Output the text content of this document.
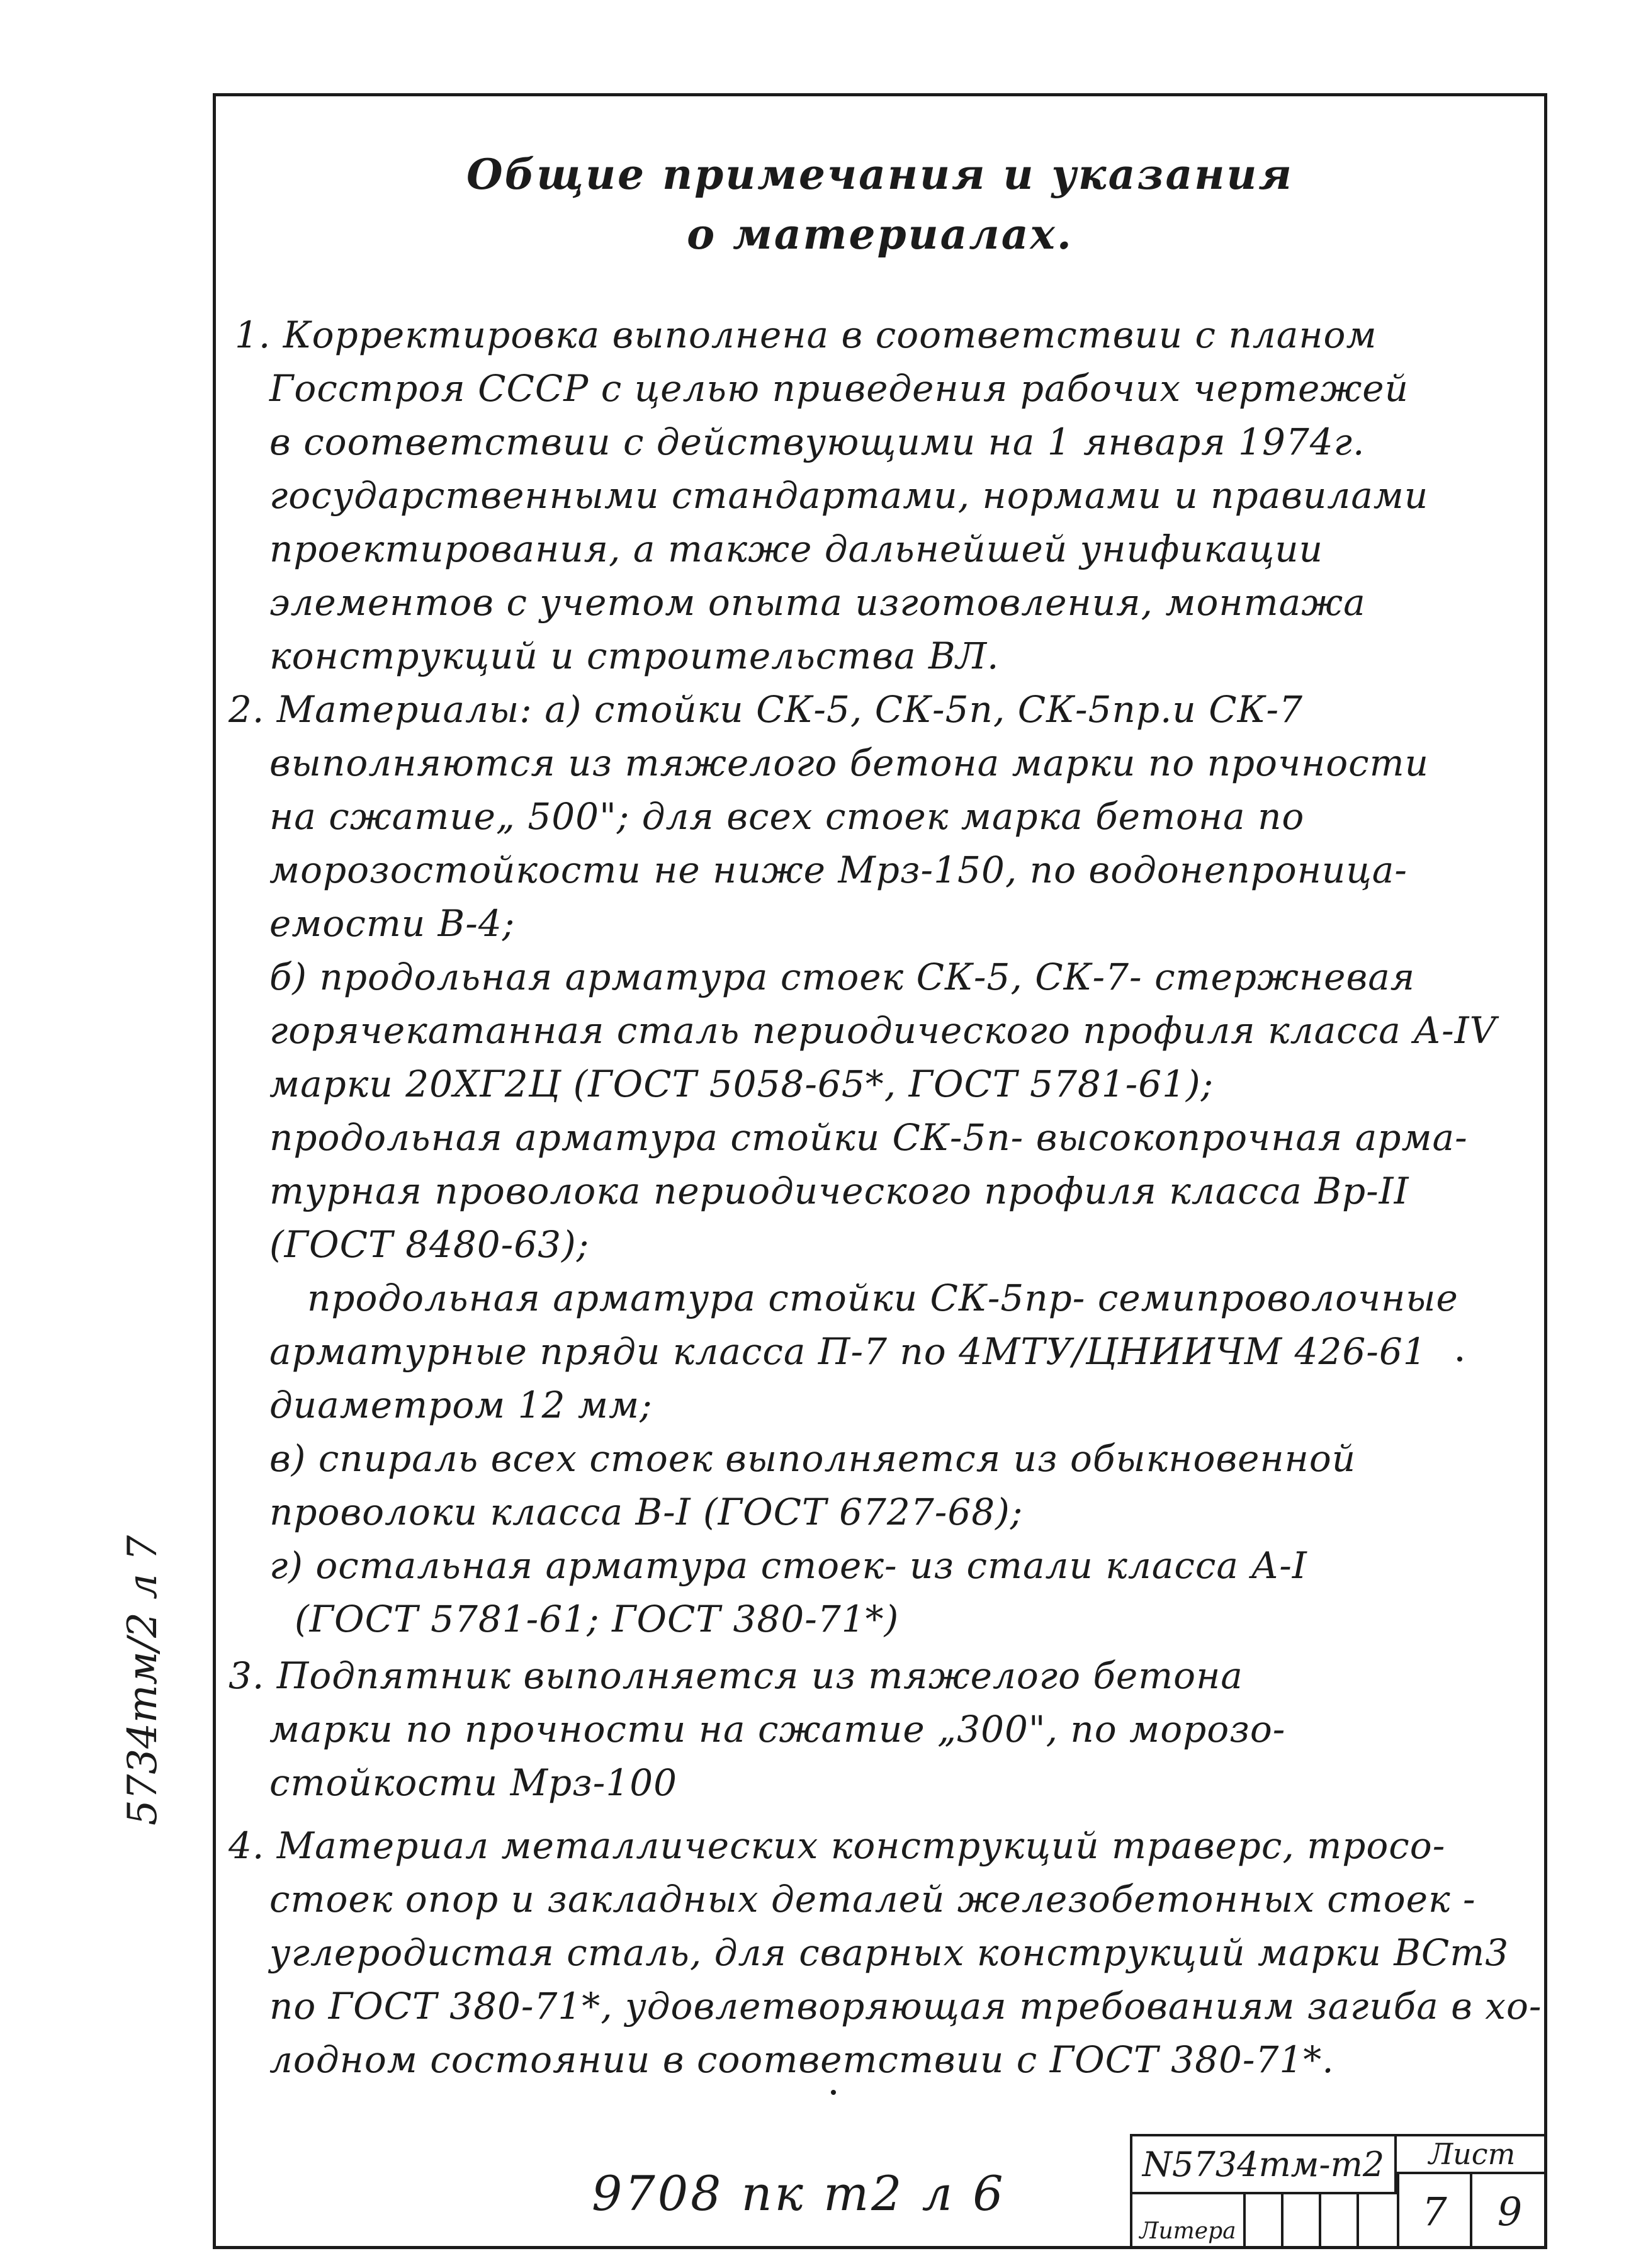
Общие примечания и указания
о материалах.

1. Корректировка выполнена в соответствии с планом

Госстроя СССР с целью приведения рабочих чертежей

в соответствии с действующими на 1 января 1974г.

государственными стандартами, нормами и правилами

проектирования, а также дальнейшей унификации

элементов с учетом опыта изготовления, монтажа

конструкций и строительства ВЛ.

2. Материалы: а) стойки СК-5, СК-5п, СК-5пр.и СК-7

выполняются из тяжелого бетона марки по прочности

на сжатие„ 500"; для всех стоек марка бетона по

морозостойкости не ниже Мрз-150, по водонепроница-

емости В-4;

б) продольная арматура стоек СК-5, СК-7- стержневая

горячекатанная сталь периодического профиля класса А-IV

марки 20ХГ2Ц (ГОСТ 5058-65*, ГОСТ 5781-61);

продольная арматура стойки СК-5п- высокопрочная арма-

турная проволока периодического профиля класса Вр-II

(ГОСТ 8480-63);

продольная арматура стойки СК-5пр- семипроволочные

арматурные пряди класса П-7 по 4МТУ/ЦНИИЧМ 426-61

диаметром 12 мм;

в) спираль всех стоек выполняется из обыкновенной

проволоки класса В-I (ГОСТ 6727-68);

г) остальная арматура стоек- из стали класса А-I

(ГОСТ 5781-61; ГОСТ 380-71*)

3. Подпятник выполняется из тяжелого бетона

марки по прочности на сжатие „300", по морозо-

стойкости Мрз-100

4. Материал металлических конструкций траверс, тросо-

стоек опор и закладных деталей железобетонных стоек -

углеродистая сталь, для сварных конструкций марки ВСт3

по ГОСТ 380-71*, удовлетворяющая требованиям загиба в хо-

лодном состоянии в соответствии с ГОСТ 380-71*.

5734тм/2 л 7
9708 пк т2 л 6
N5734тм-т2	Лист
Литера	7	9
